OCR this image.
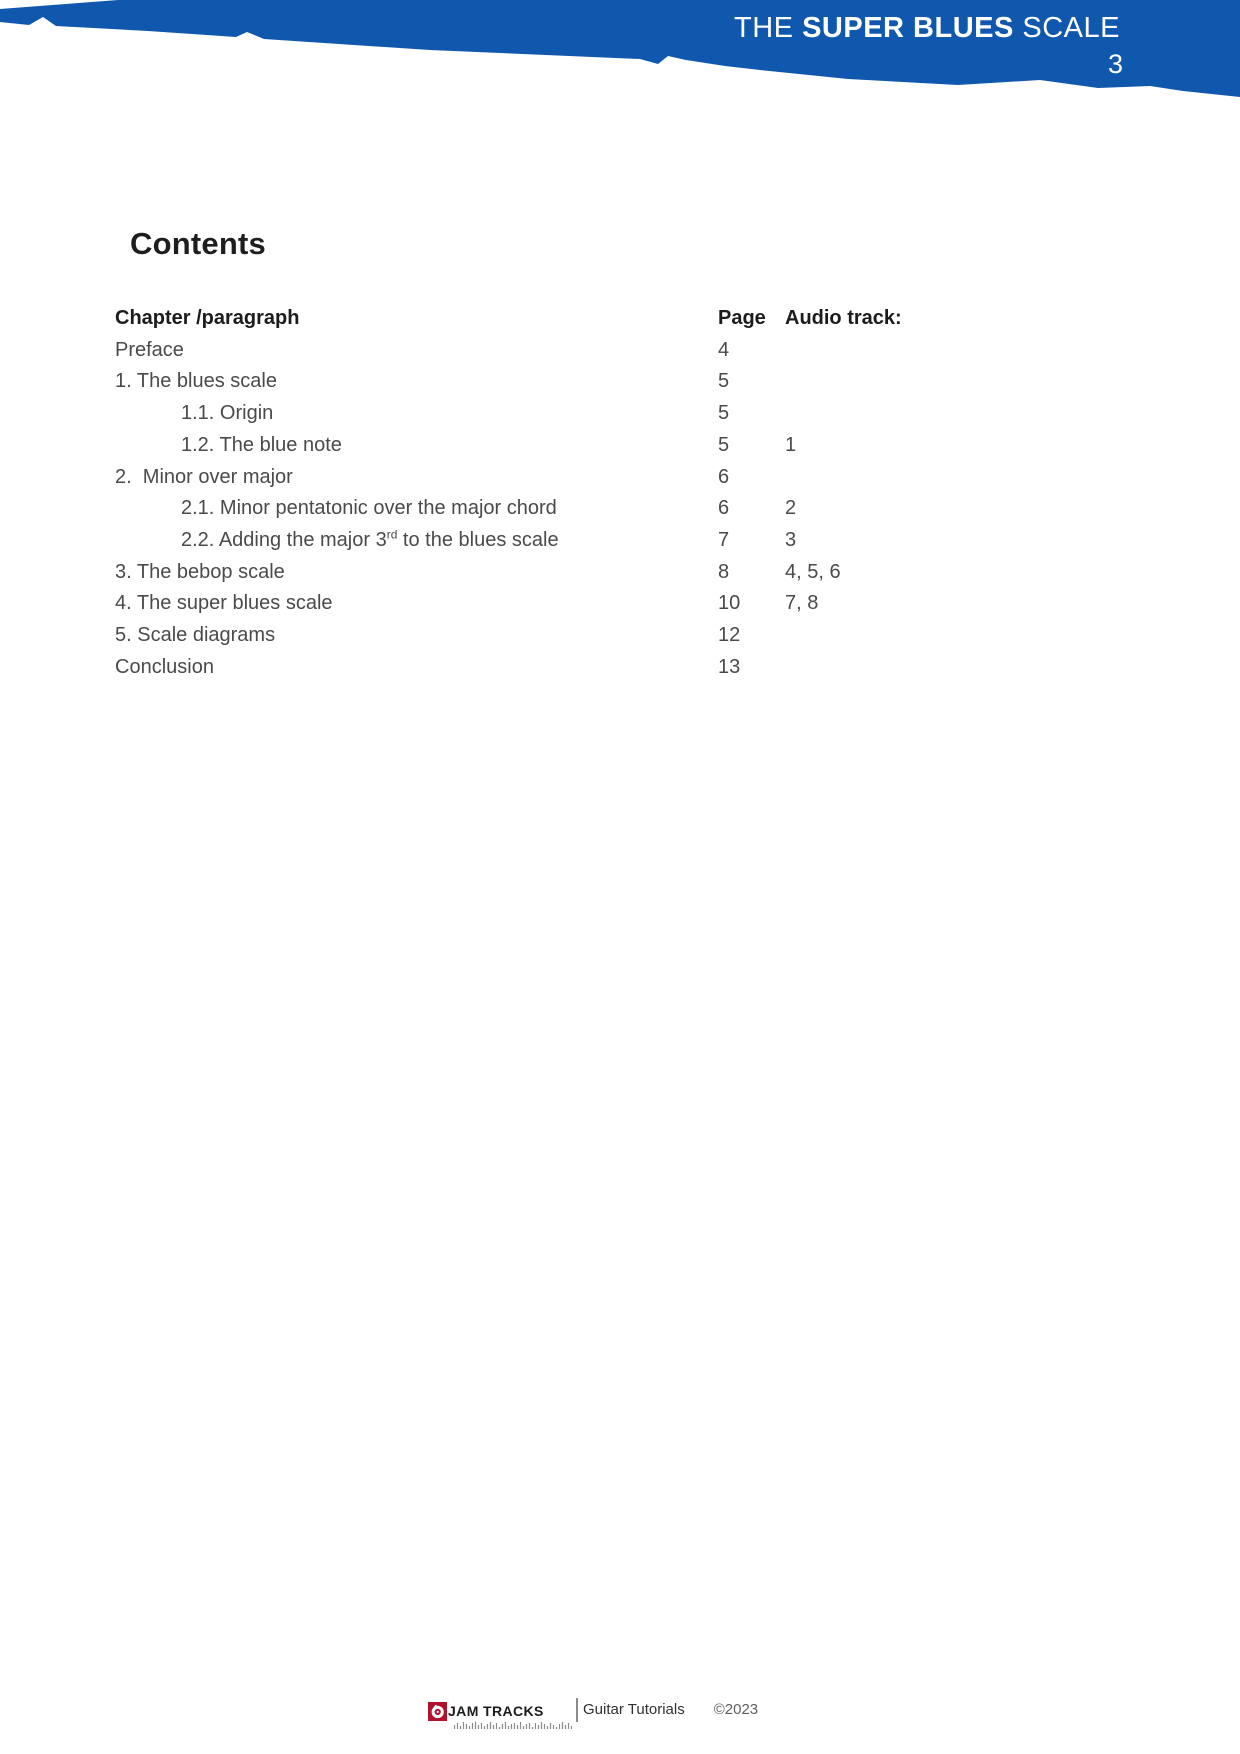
THE SUPER BLUES SCALE
3
Contents
Chapter /paragraph	Page Audio track:
Preface	4
1. The blues scale	5
1.1. Origin	5
1.2. The blue note	5	1
2.  Minor over major	6
2.1. Minor pentatonic over the major chord	6	2
2.2. Adding the major 3rd to the blues scale	7	3
3. The bebop scale	8	4, 5, 6
4. The super blues scale	10	7, 8
5. Scale diagrams	12
Conclusion	13
JAM TRACKS	Guitar Tutorials ©2023
